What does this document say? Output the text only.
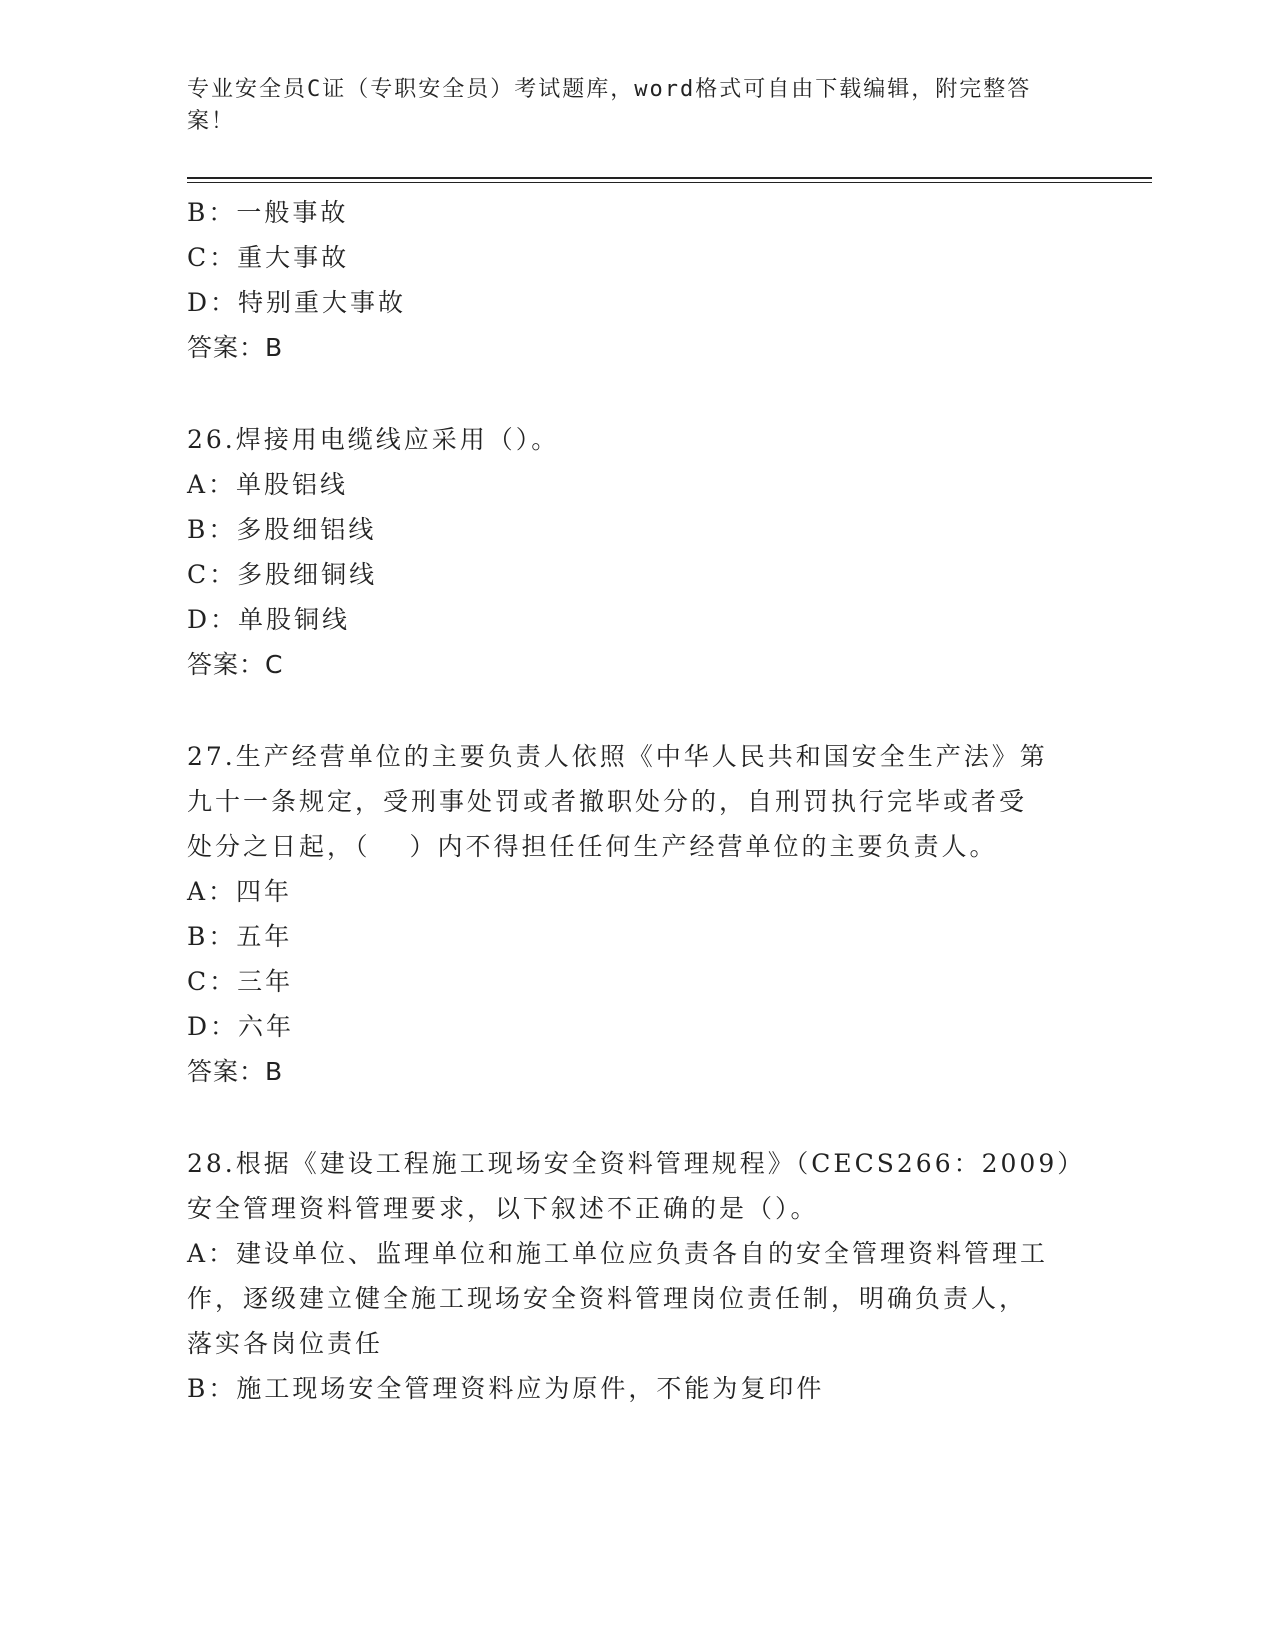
专业安全员C证（专职安全员）考试题库，word格式可自由下载编辑，附完整答
案！
B：一般事故
C：重大事故
D：特别重大事故
答案：B
26.焊接用电缆线应采用（）。
A：单股铝线
B：多股细铝线
C：多股细铜线
D：单股铜线
答案：C
27.生产经营单位的主要负责人依照《中华人民共和国安全生产法》第
九十一条规定，受刑事处罚或者撤职处分的，自刑罚执行完毕或者受
处分之日起，（　 ）内不得担任任何生产经营单位的主要负责人。
A：四年
B：五年
C：三年
D：六年
答案：B
28.根据《建设工程施工现场安全资料管理规程》（CECS266：2009）
安全管理资料管理要求，以下叙述不正确的是（）。
A：建设单位、监理单位和施工单位应负责各自的安全管理资料管理工
作，逐级建立健全施工现场安全资料管理岗位责任制，明确负责人，
落实各岗位责任
B：施工现场安全管理资料应为原件，不能为复印件
